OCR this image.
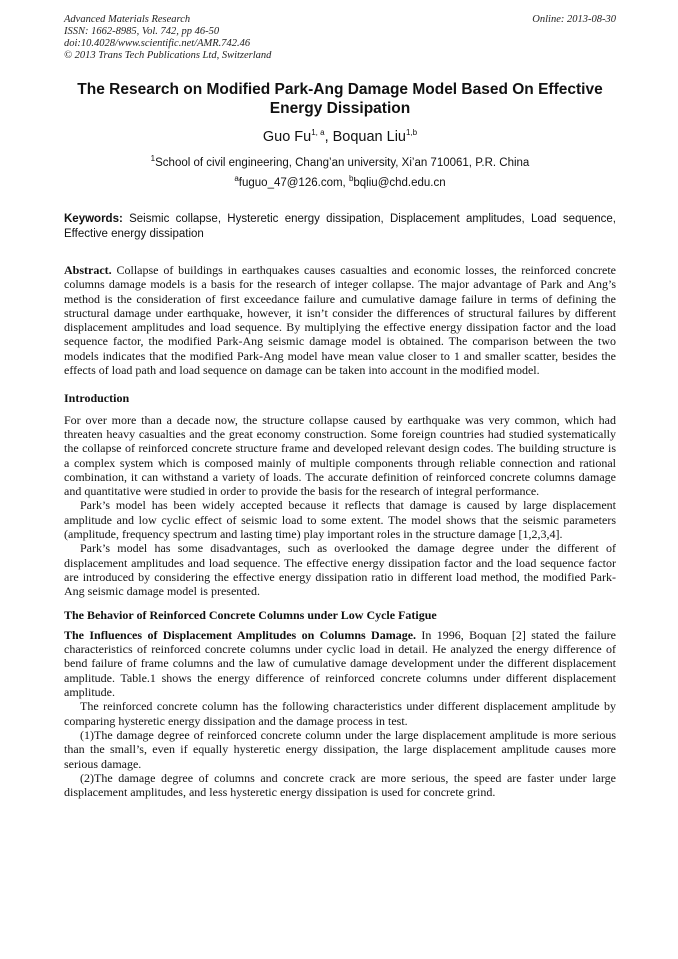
Advanced Materials Research
ISSN: 1662-8985, Vol. 742, pp 46-50
doi:10.4028/www.scientific.net/AMR.742.46
© 2013 Trans Tech Publications Ltd, Switzerland
Online: 2013-08-30
The Research on Modified Park-Ang Damage Model Based On Effective Energy Dissipation
Guo Fu$^{1, a}$, Boquan Liu$^{1,b}$
$^1$School of civil engineering, Chang’an university, Xi’an 710061, P.R. China
$^a$fuguo_47@126.com, $^b$bqliu@chd.edu.cn
Keywords: Seismic collapse, Hysteretic energy dissipation, Displacement amplitudes, Load sequence, Effective energy dissipation

Abstract. Collapse of buildings in earthquakes causes casualties and economic losses, the reinforced concrete columns damage models is a basis for the research of integer collapse. The major advantage of Park and Ang’s method is the consideration of first exceedance failure and cumulative damage failure in terms of defining the structural damage under earthquake, however, it isn’t consider the differences of structural failures by different displacement amplitudes and load sequence. By multiplying the effective energy dissipation factor and the load sequence factor, the modified Park-Ang seismic damage model is obtained. The comparison between the two models indicates that the modified Park-Ang model have mean value closer to 1 and smaller scatter, besides the effects of load path and load sequence on damage can be taken into account in the modified model.

Introduction

For over more than a decade now, the structure collapse caused by earthquake was very common, which had threaten heavy casualties and the great economy construction. Some foreign countries had studied systematically the collapse of reinforced concrete structure frame and developed relevant design codes. The building structure is a complex system which is composed mainly of multiple components through reliable connection and rational combination, it can withstand a variety of loads. The accurate definition of reinforced concrete columns damage and quantitative were studied in order to provide the basis for the research of integral performance.

Park’s model has been widely accepted because it reflects that damage is caused by large displacement amplitude and low cyclic effect of seismic load to some extent. The model shows that the seismic parameters (amplitude, frequency spectrum and lasting time) play important roles in the structure damage [1,2,3,4].

Park’s model has some disadvantages, such as overlooked the damage degree under the different of displacement amplitudes and load sequence. The effective energy dissipation factor and the load sequence factor are introduced by considering the effective energy dissipation ratio in different load method, the modified Park-Ang seismic damage model is presented.

The Behavior of Reinforced Concrete Columns under Low Cycle Fatigue

The Influences of Displacement Amplitudes on Columns Damage. In 1996, Boquan [2] stated the failure characteristics of reinforced concrete columns under cyclic load in detail. He analyzed the energy difference of bend failure of frame columns and the law of cumulative damage development under the different displacement amplitude. Table.1 shows the energy difference of reinforced concrete columns under different displacement amplitude.

The reinforced concrete column has the following characteristics under different displacement amplitude by comparing hysteretic energy dissipation and the damage process in test.

(1)The damage degree of reinforced concrete column under the large displacement amplitude is more serious than the small’s, even if equally hysteretic energy dissipation, the large displacement amplitude causes more serious damage.

(2)The damage degree of columns and concrete crack are more serious, the speed are faster under large displacement amplitudes, and less hysteretic energy dissipation is used for concrete grind.
